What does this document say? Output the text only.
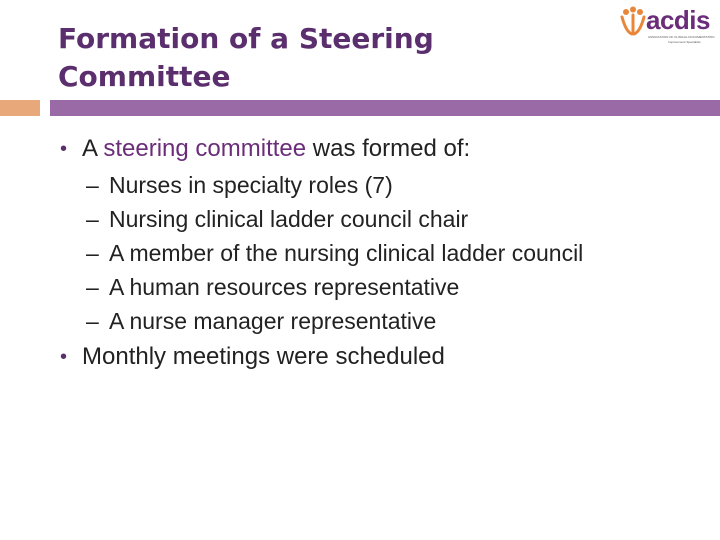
Formation of a Steering
Committee
acdis
ASSOCIATION OF CLINICAL DOCUMENTATION
Improvement Specialists
• A steering committee was formed of:
– Nurses in specialty roles (7)
– Nursing clinical ladder council chair
– A member of the nursing clinical ladder council
– A human resources representative
– A nurse manager representative
• Monthly meetings were scheduled
